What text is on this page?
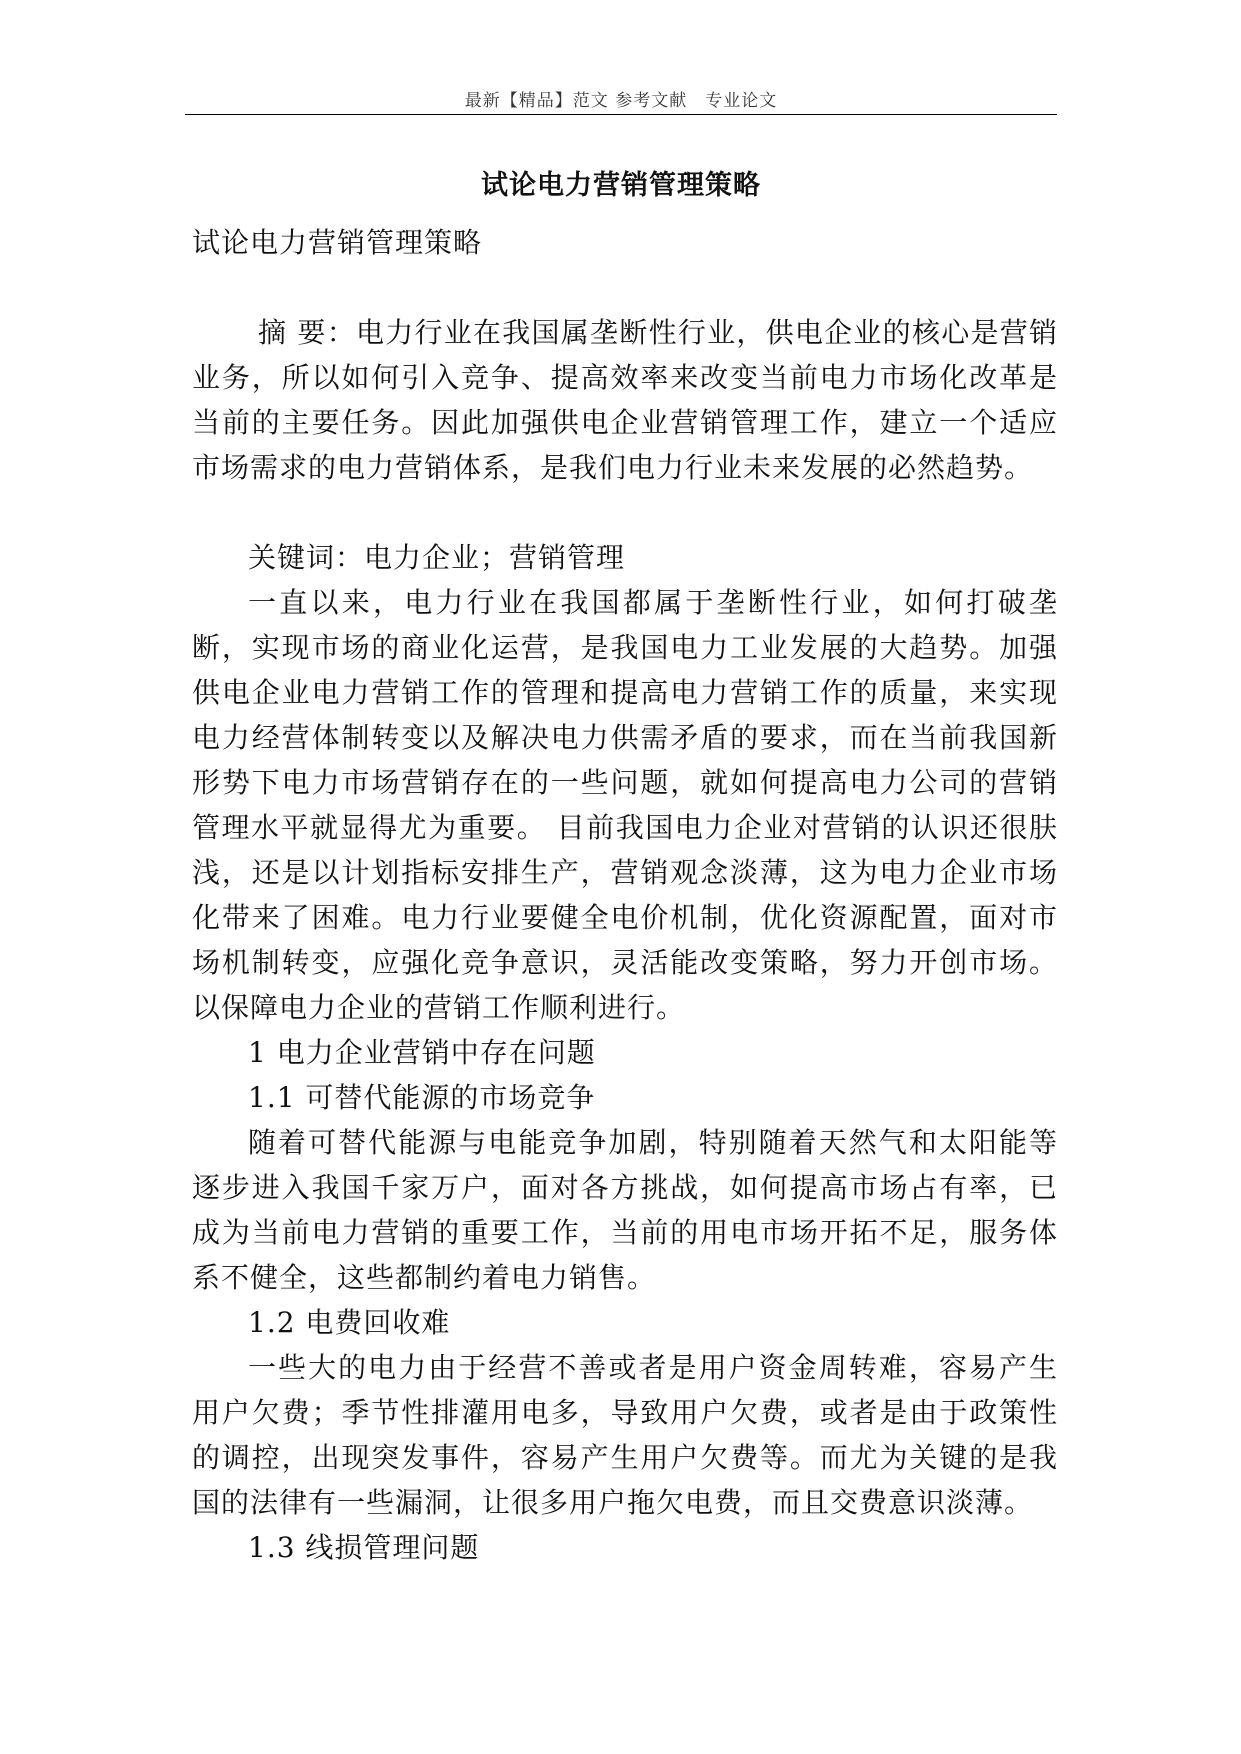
最新【精品】范文 参考文献　专业论文
试论电力营销管理策略

试论电力营销管理策略

摘 要：电力行业在我国属垄断性行业，供电企业的核心是营销业务，所以如何引入竞争、提高效率来改变当前电力市场化改革是当前的主要任务。因此加强供电企业营销管理工作，建立一个适应市场需求的电力营销体系，是我们电力行业未来发展的必然趋势。

关键词：电力企业；营销管理

一直以来，电力行业在我国都属于垄断性行业，如何打破垄断，实现市场的商业化运营，是我国电力工业发展的大趋势。加强供电企业电力营销工作的管理和提高电力营销工作的质量，来实现电力经营体制转变以及解决电力供需矛盾的要求，而在当前我国新形势下电力市场营销存在的一些问题，就如何提高电力公司的营销管理水平就显得尤为重要。 目前我国电力企业对营销的认识还很肤浅，还是以计划指标安排生产，营销观念淡薄，这为电力企业市场化带来了困难。电力行业要健全电价机制，优化资源配置，面对市场机制转变，应强化竞争意识，灵活能改变策略，努力开创市场。 以保障电力企业的营销工作顺利进行。

1 电力企业营销中存在问题

1.1 可替代能源的市场竞争

随着可替代能源与电能竞争加剧，特别随着天然气和太阳能等逐步进入我国千家万户，面对各方挑战，如何提高市场占有率，已成为当前电力营销的重要工作，当前的用电市场开拓不足，服务体系不健全，这些都制约着电力销售。

1.2 电费回收难

一些大的电力由于经营不善或者是用户资金周转难，容易产生用户欠费；季节性排灌用电多，导致用户欠费，或者是由于政策性的调控，出现突发事件，容易产生用户欠费等。而尤为关键的是我国的法律有一些漏洞，让很多用户拖欠电费，而且交费意识淡薄。

1.3 线损管理问题
